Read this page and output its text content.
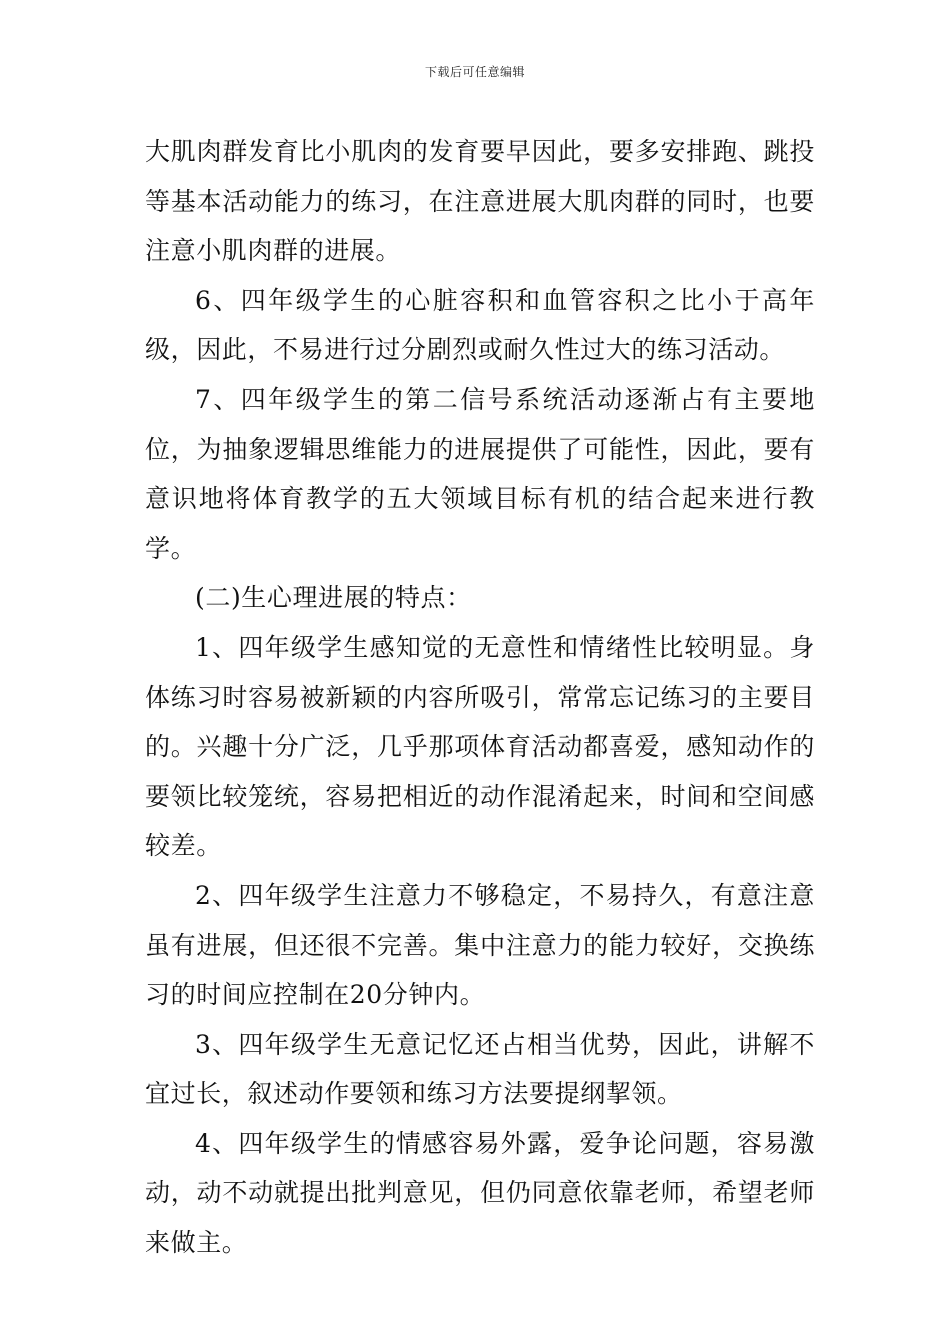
下载后可任意编辑

大肌肉群发育比小肌肉的发育要早因此，要多安排跑、跳投等基本活动能力的练习，在注意进展大肌肉群的同时，也要注意小肌肉群的进展。

6、四年级学生的心脏容积和血管容积之比小于高年级，因此，不易进行过分剧烈或耐久性过大的练习活动。

7、四年级学生的第二信号系统活动逐渐占有主要地位，为抽象逻辑思维能力的进展提供了可能性，因此，要有意识地将体育教学的五大领域目标有机的结合起来进行教学。

(二)生心理进展的特点：

1、四年级学生感知觉的无意性和情绪性比较明显。身体练习时容易被新颖的内容所吸引，常常忘记练习的主要目的。兴趣十分广泛，几乎那项体育活动都喜爱，感知动作的要领比较笼统，容易把相近的动作混淆起来，时间和空间感较差。

2、四年级学生注意力不够稳定，不易持久，有意注意虽有进展，但还很不完善。集中注意力的能力较好，交换练习的时间应控制在20分钟内。

3、四年级学生无意记忆还占相当优势，因此，讲解不宜过长，叙述动作要领和练习方法要提纲挈领。

4、四年级学生的情感容易外露，爱争论问题，容易激动，动不动就提出批判意见，但仍同意依靠老师，希望老师来做主。
